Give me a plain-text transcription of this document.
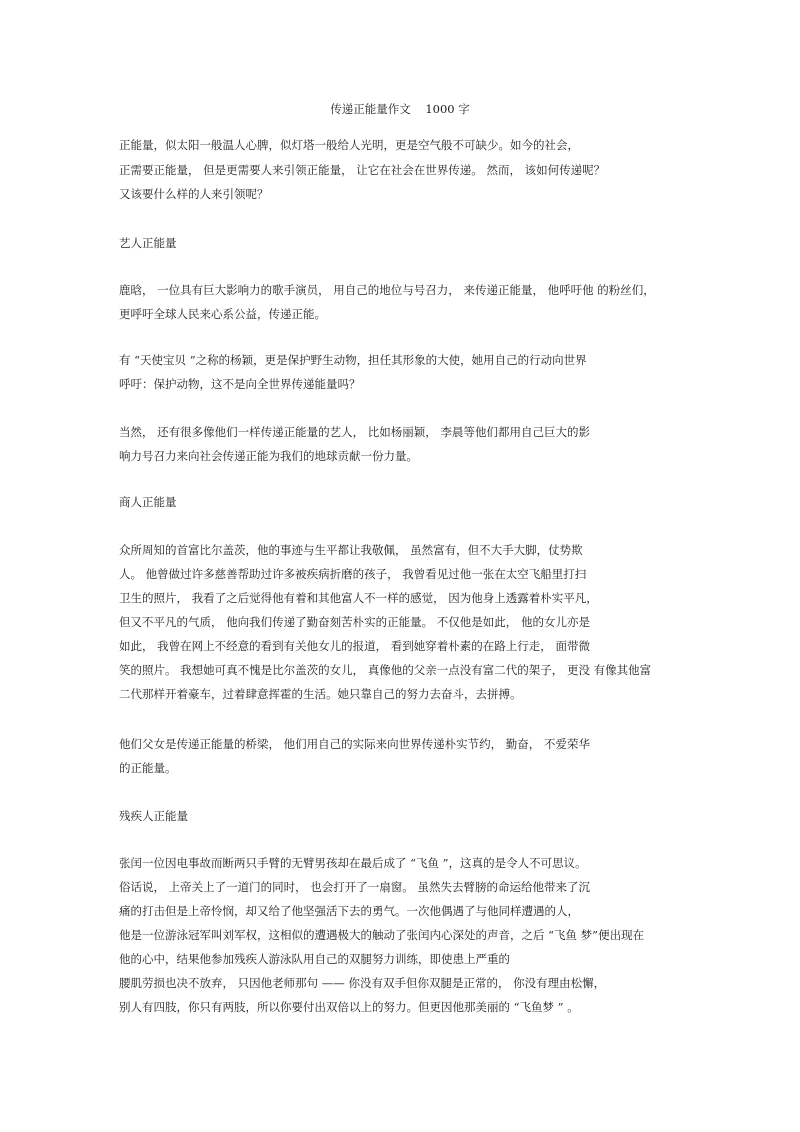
传递正能量作文    1000 字
正能量，似太阳一般温人心脾，似灯塔一般给人光明，更是空气般不可缺少。如今的社会，
正需要正能量， 但是更需要人来引领正能量， 让它在社会在世界传递。 然而， 该如何传递呢？
又该要什么样的人来引领呢？
艺人正能量
鹿晗， 一位具有巨大影响力的歌手演员， 用自己的地位与号召力， 来传递正能量， 他呼吁他 的粉丝们，
更呼吁全球人民来心系公益，传递正能。
有 “天使宝贝 ”之称的杨颖，更是保护野生动物，担任其形象的大使，她用自己的行动向世界
呼吁：保护动物，这不是向全世界传递能量吗？
当然， 还有很多像他们一样传递正能量的艺人， 比如杨丽颖， 李晨等他们都用自己巨大的影
响力号召力来向社会传递正能为我们的地球贡献一份力量。
商人正能量
众所周知的首富比尔盖茨，他的事迹与生平都让我敬佩， 虽然富有，但不大手大脚，仗势欺
人。 他曾做过许多慈善帮助过许多被疾病折磨的孩子， 我曾看见过他一张在太空飞船里打扫
卫生的照片， 我看了之后觉得他有着和其他富人不一样的感觉， 因为他身上透露着朴实平凡，
但又不平凡的气质， 他向我们传递了勤奋刻苦朴实的正能量。 不仅他是如此， 他的女儿亦是
如此， 我曾在网上不经意的看到有关他女儿的报道， 看到她穿着朴素的在路上行走， 面带微
笑的照片。 我想她可真不愧是比尔盖茨的女儿， 真像他的父亲一点没有富二代的架子， 更没 有像其他富
二代那样开着豪车，过着肆意挥霍的生活。她只靠自己的努力去奋斗，去拼搏。
他们父女是传递正能量的桥梁， 他们用自己的实际来向世界传递朴实节约， 勤奋， 不爱荣华
的正能量。
残疾人正能量
张闰一位因电事故而断两只手臂的无臂男孩却在最后成了 “飞鱼 ”，这真的是令人不可思议。
俗话说， 上帝关上了一道门的同时， 也会打开了一扇窗。 虽然失去臂膀的命运给他带来了沉
痛的打击但是上帝怜悯，却又给了他坚强活下去的勇气。一次他偶遇了与他同样遭遇的人，
他是一位游泳冠军叫刘军权，这相似的遭遇极大的触动了张闰内心深处的声音，之后 “飞鱼 梦”便出现在
他的心中，结果他参加残疾人游泳队用自己的双腿努力训练，即使患上严重的
腰肌劳损也决不放弃， 只因他老师那句 —— 你没有双手但你双腿是正常的， 你没有理由松懈，
别人有四肢，你只有两肢，所以你要付出双倍以上的努力。但更因他那美丽的 “飞鱼梦 ” 。
